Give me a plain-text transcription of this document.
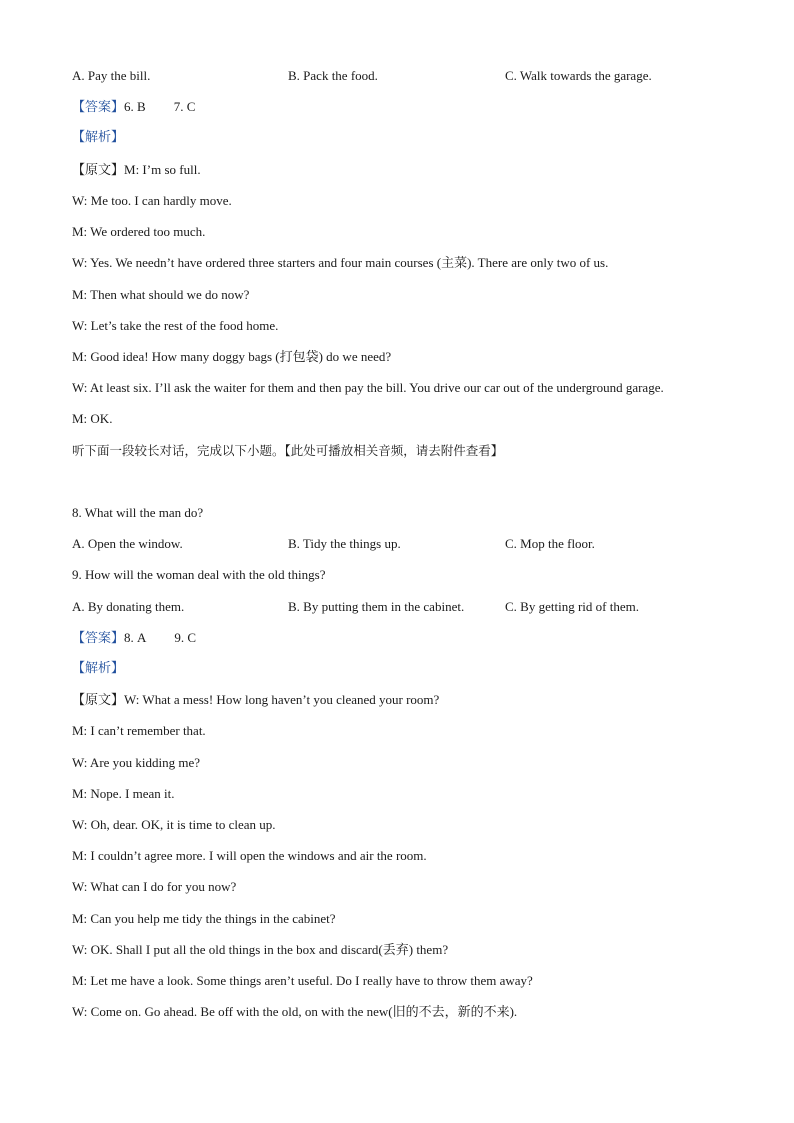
A. Pay the bill.	B. Pack the food.	C. Walk towards the garage.
【答案】6. B 7. C
【解析】
【原文】M: I’m so full.
W: Me too. I can hardly move.
M: We ordered too much.
W: Yes. We needn’t have ordered three starters and four main courses (主菜). There are only two of us.
M: Then what should we do now?
W: Let’s take the rest of the food home.
M: Good idea! How many doggy bags (打包袋) do we need?
W: At least six. I’ll ask the waiter for them and then pay the bill. You drive our car out of the underground garage.
M: OK.
听下面一段较长对话，完成以下小题。【此处可播放相关音频，请去附件查看】
8. What will the man do?
A. Open the window.	B. Tidy the things up.	C. Mop the floor.
9. How will the woman deal with the old things?
A. By donating them.	B. By putting them in the cabinet.	C. By getting rid of them.
【答案】8. A 9. C
【解析】
【原文】W: What a mess! How long haven’t you cleaned your room?
M: I can’t remember that.
W: Are you kidding me?
M: Nope. I mean it.
W: Oh, dear. OK, it is time to clean up.
M: I couldn’t agree more. I will open the windows and air the room.
W: What can I do for you now?
M: Can you help me tidy the things in the cabinet?
W: OK. Shall I put all the old things in the box and discard(丢弃) them?
M: Let me have a look. Some things aren’t useful. Do I really have to throw them away?
W: Come on. Go ahead. Be off with the old, on with the new(旧的不去，新的不来).
